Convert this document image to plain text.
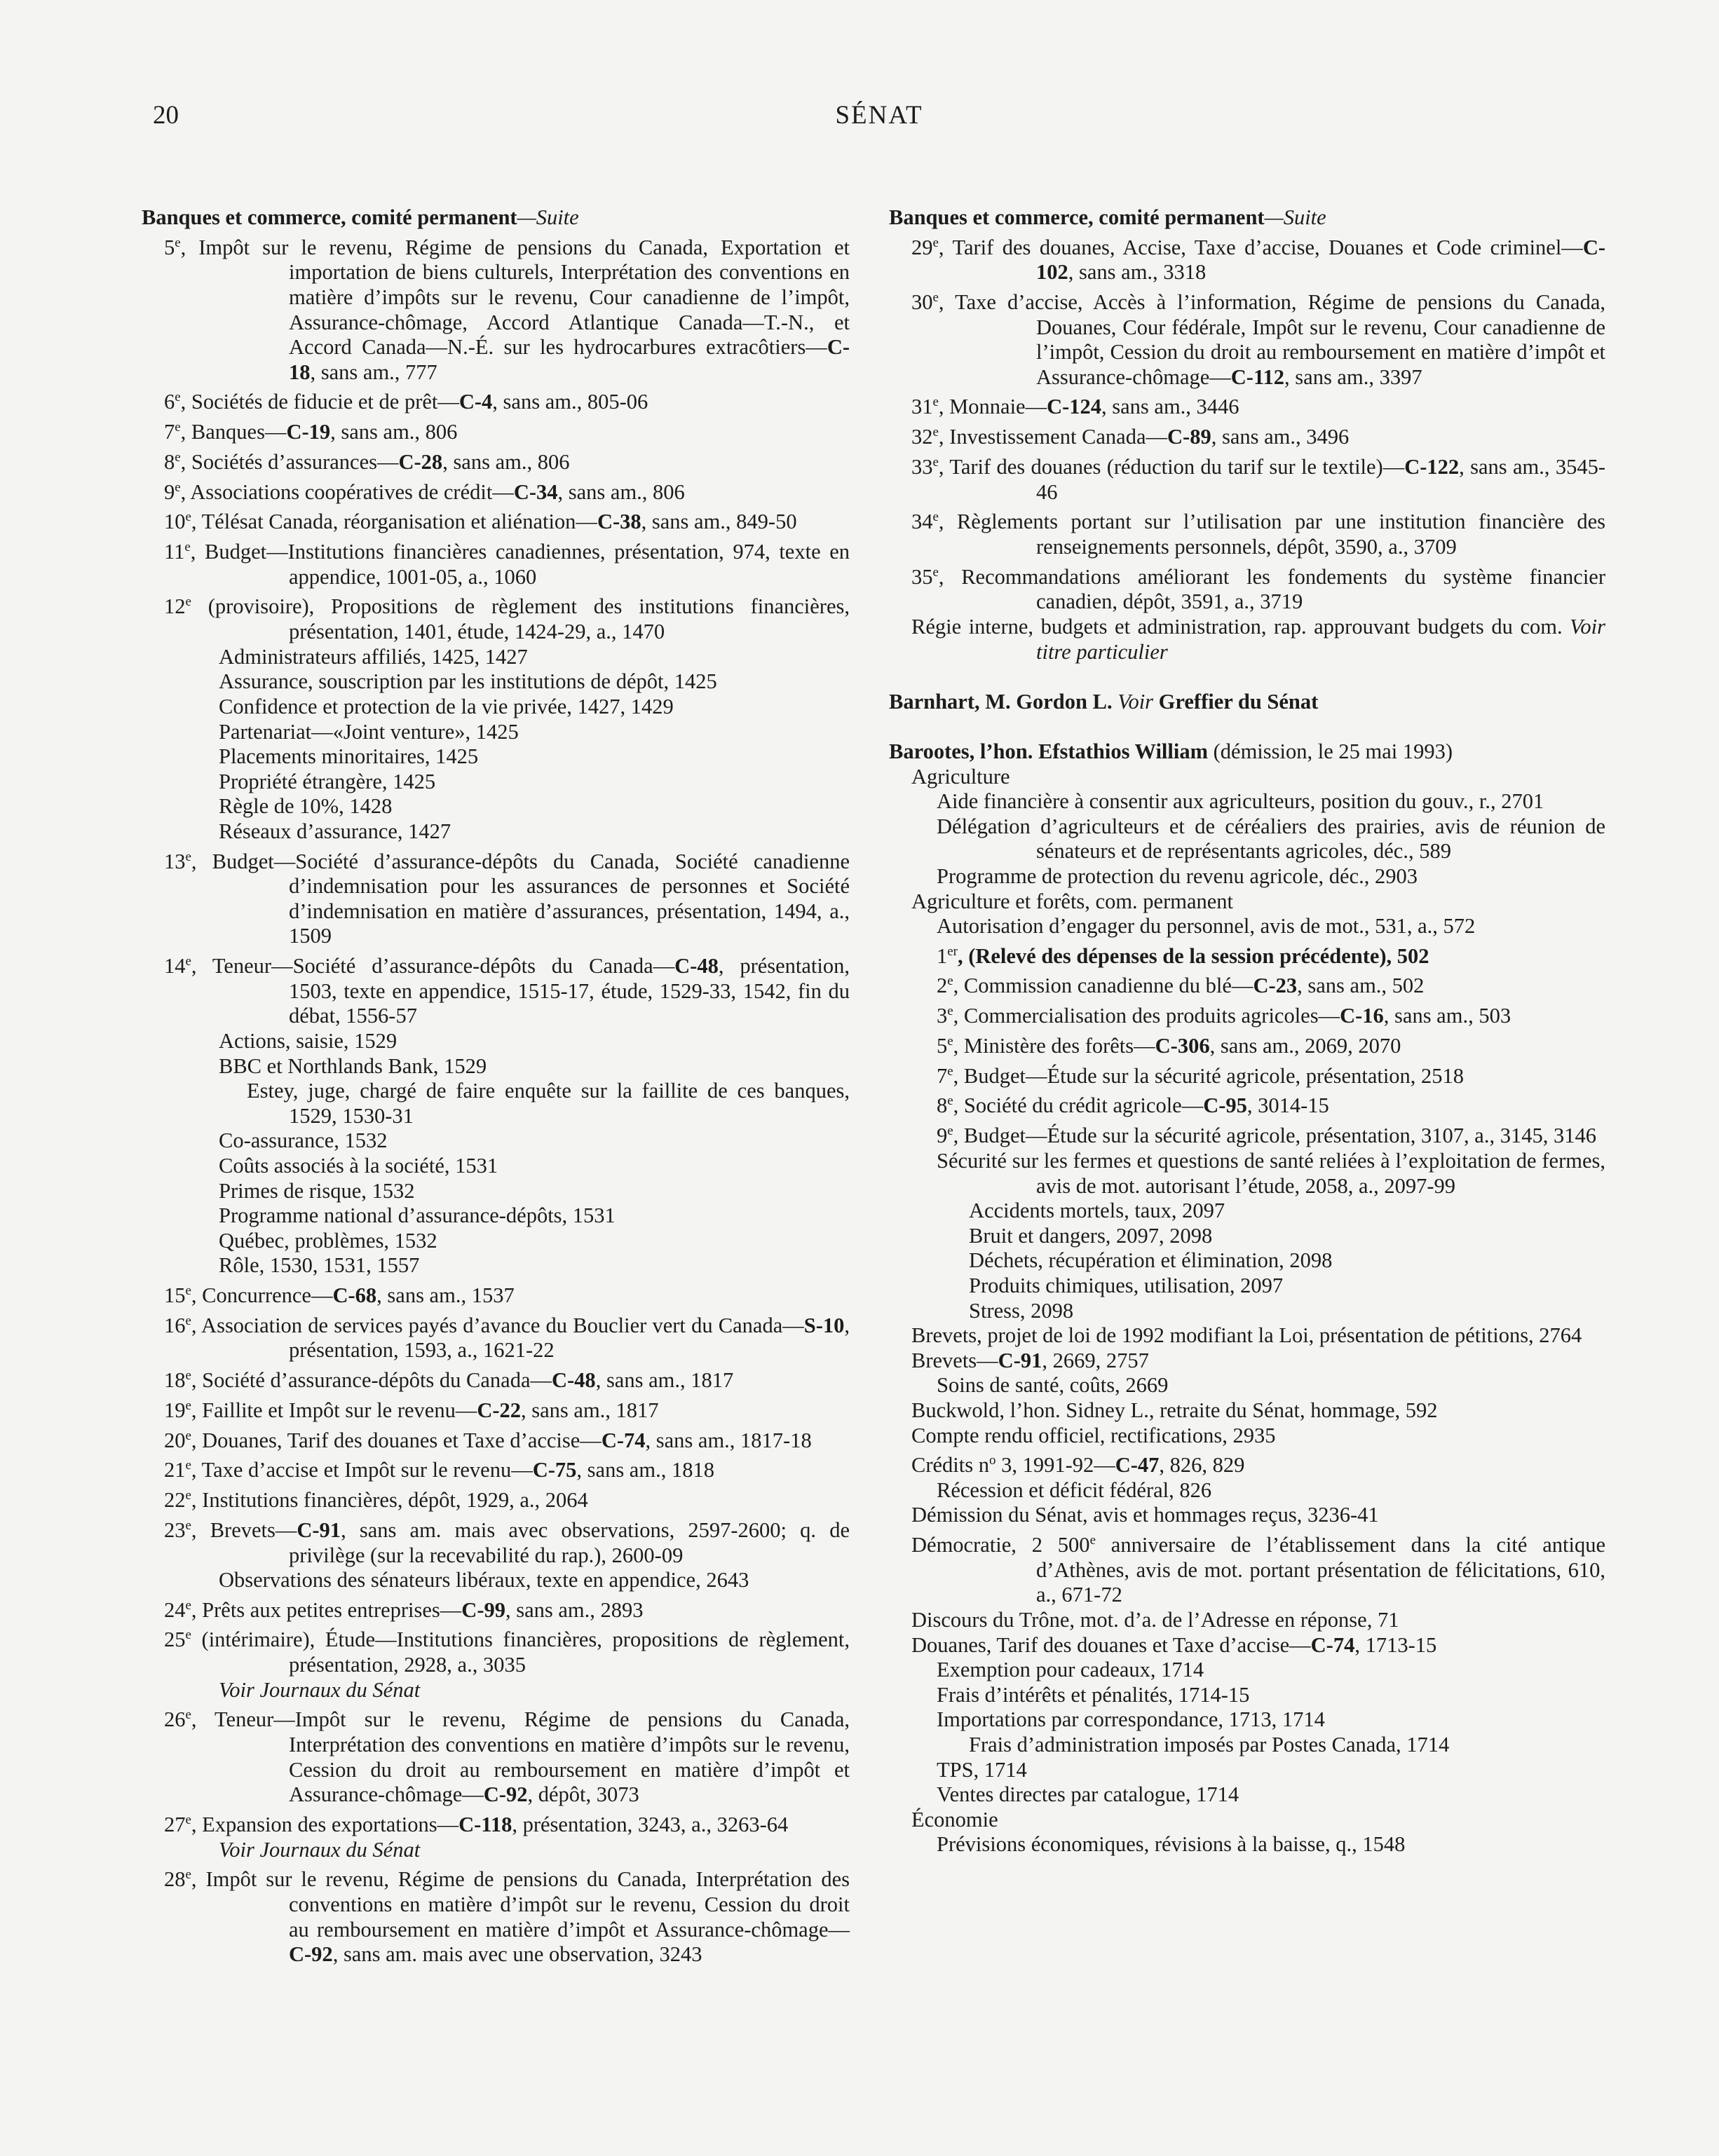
20	SÉNAT
Banques et commerce, comité permanent—Suite
5e, Impôt sur le revenu, Régime de pensions du Canada, Exportation et importation de biens culturels, Interprétation des conventions en matière d’impôts sur le revenu, Cour canadienne de l’impôt, Assurance-chômage, Accord Atlantique Canada—T.-N., et Accord Canada—N.-É. sur les hydrocarbures extracôtiers—C-18, sans am., 777
6e, Sociétés de fiducie et de prêt—C-4, sans am., 805-06
7e, Banques—C-19, sans am., 806
8e, Sociétés d’assurances—C-28, sans am., 806
9e, Associations coopératives de crédit—C-34, sans am., 806
10e, Télésat Canada, réorganisation et aliénation—C-38, sans am., 849-50
11e, Budget—Institutions financières canadiennes, présentation, 974, texte en appendice, 1001-05, a., 1060
12e (provisoire), Propositions de règlement des institutions financières, présentation, 1401, étude, 1424-29, a., 1470
Administrateurs affiliés, 1425, 1427
Assurance, souscription par les institutions de dépôt, 1425
Confidence et protection de la vie privée, 1427, 1429
Partenariat—«Joint venture», 1425
Placements minoritaires, 1425
Propriété étrangère, 1425
Règle de 10%, 1428
Réseaux d’assurance, 1427
13e, Budget—Société d’assurance-dépôts du Canada, Société canadienne d’indemnisation pour les assurances de personnes et Société d’indemnisation en matière d’assurances, présentation, 1494, a., 1509
14e, Teneur—Société d’assurance-dépôts du Canada—C-48, présentation, 1503, texte en appendice, 1515-17, étude, 1529-33, 1542, fin du débat, 1556-57
Actions, saisie, 1529
BBC et Northlands Bank, 1529
Estey, juge, chargé de faire enquête sur la faillite de ces banques, 1529, 1530-31
Co-assurance, 1532
Coûts associés à la société, 1531
Primes de risque, 1532
Programme national d’assurance-dépôts, 1531
Québec, problèmes, 1532
Rôle, 1530, 1531, 1557
15e, Concurrence—C-68, sans am., 1537
16e, Association de services payés d’avance du Bouclier vert du Canada—S-10, présentation, 1593, a., 1621-22
18e, Société d’assurance-dépôts du Canada—C-48, sans am., 1817
19e, Faillite et Impôt sur le revenu—C-22, sans am., 1817
20e, Douanes, Tarif des douanes et Taxe d’accise—C-74, sans am., 1817-18
21e, Taxe d’accise et Impôt sur le revenu—C-75, sans am., 1818
22e, Institutions financières, dépôt, 1929, a., 2064
23e, Brevets—C-91, sans am. mais avec observations, 2597-2600; q. de privilège (sur la recevabilité du rap.), 2600-09
Observations des sénateurs libéraux, texte en appendice, 2643
24e, Prêts aux petites entreprises—C-99, sans am., 2893
25e (intérimaire), Étude—Institutions financières, propositions de règlement, présentation, 2928, a., 3035
Voir Journaux du Sénat
26e, Teneur—Impôt sur le revenu, Régime de pensions du Canada, Interprétation des conventions en matière d’impôts sur le revenu, Cession du droit au remboursement en matière d’impôt et Assurance-chômage—C-92, dépôt, 3073
27e, Expansion des exportations—C-118, présentation, 3243, a., 3263-64
Voir Journaux du Sénat
28e, Impôt sur le revenu, Régime de pensions du Canada, Interprétation des conventions en matière d’impôt sur le revenu, Cession du droit au remboursement en matière d’impôt et Assurance-chômage—C-92, sans am. mais avec une observation, 3243
Banques et commerce, comité permanent—Suite
29e, Tarif des douanes, Accise, Taxe d’accise, Douanes et Code criminel—C-102, sans am., 3318
30e, Taxe d’accise, Accès à l’information, Régime de pensions du Canada, Douanes, Cour fédérale, Impôt sur le revenu, Cour canadienne de l’impôt, Cession du droit au remboursement en matière d’impôt et Assurance-chômage—C-112, sans am., 3397
31e, Monnaie—C-124, sans am., 3446
32e, Investissement Canada—C-89, sans am., 3496
33e, Tarif des douanes (réduction du tarif sur le textile)—C-122, sans am., 3545-46
34e, Règlements portant sur l’utilisation par une institution financière des renseignements personnels, dépôt, 3590, a., 3709
35e, Recommandations améliorant les fondements du système financier canadien, dépôt, 3591, a., 3719
Régie interne, budgets et administration, rap. approuvant budgets du com. Voir titre particulier
Barnhart, M. Gordon L. Voir Greffier du Sénat
Barootes, l’hon. Efstathios William (démission, le 25 mai 1993)
Agriculture
Aide financière à consentir aux agriculteurs, position du gouv., r., 2701
Délégation d’agriculteurs et de céréaliers des prairies, avis de réunion de sénateurs et de représentants agricoles, déc., 589
Programme de protection du revenu agricole, déc., 2903
Agriculture et forêts, com. permanent
Autorisation d’engager du personnel, avis de mot., 531, a., 572
1er, (Relevé des dépenses de la session précédente), 502
2e, Commission canadienne du blé—C-23, sans am., 502
3e, Commercialisation des produits agricoles—C-16, sans am., 503
5e, Ministère des forêts—C-306, sans am., 2069, 2070
7e, Budget—Étude sur la sécurité agricole, présentation, 2518
8e, Société du crédit agricole—C-95, 3014-15
9e, Budget—Étude sur la sécurité agricole, présentation, 3107, a., 3145, 3146
Sécurité sur les fermes et questions de santé reliées à l’exploitation de fermes, avis de mot. autorisant l’étude, 2058, a., 2097-99
Accidents mortels, taux, 2097
Bruit et dangers, 2097, 2098
Déchets, récupération et élimination, 2098
Produits chimiques, utilisation, 2097
Stress, 2098
Brevets, projet de loi de 1992 modifiant la Loi, présentation de pétitions, 2764
Brevets—C-91, 2669, 2757
Soins de santé, coûts, 2669
Buckwold, l’hon. Sidney L., retraite du Sénat, hommage, 592
Compte rendu officiel, rectifications, 2935
Crédits $n^o$ 3, 1991-92—C-47, 826, 829
Récession et déficit fédéral, 826
Démission du Sénat, avis et hommages reçus, 3236-41
Démocratie, 2 500e anniversaire de l’établissement dans la cité antique d’Athènes, avis de mot. portant présentation de félicitations, 610, a., 671-72
Discours du Trône, mot. d’a. de l’Adresse en réponse, 71
Douanes, Tarif des douanes et Taxe d’accise—C-74, 1713-15
Exemption pour cadeaux, 1714
Frais d’intérêts et pénalités, 1714-15
Importations par correspondance, 1713, 1714
Frais d’administration imposés par Postes Canada, 1714
TPS, 1714
Ventes directes par catalogue, 1714
Économie
Prévisions économiques, révisions à la baisse, q., 1548
